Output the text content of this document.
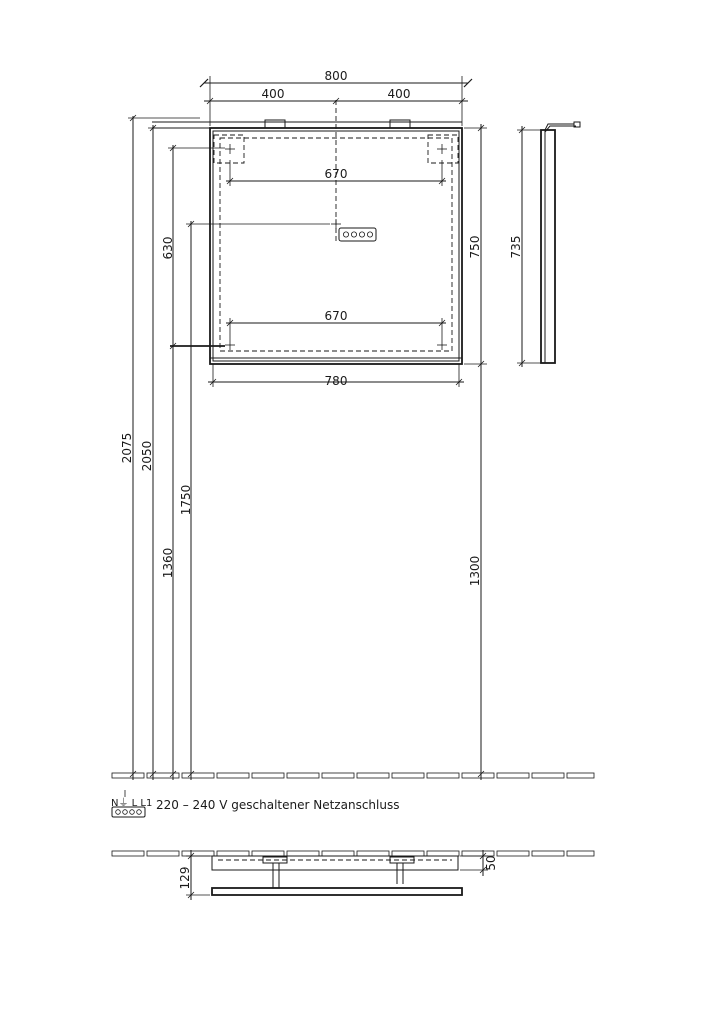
800
400	400
670
670
780
2075 2050
630
1360
1750
750
1300
735
N⏚ L L1 220 – 240 V geschaltener Netzanschluss
129
50
